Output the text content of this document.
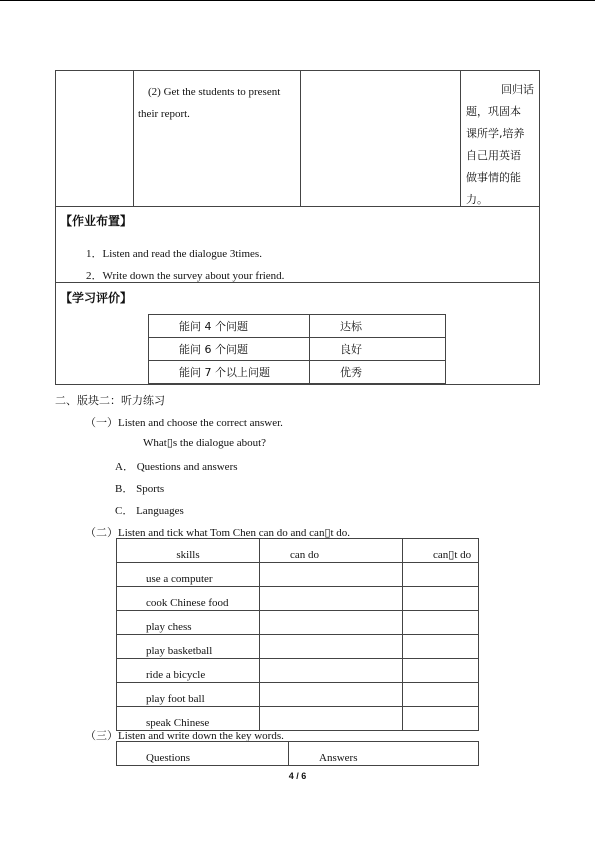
(2) Get the students to present their report.
回归话
题，巩固本
课所学,培养
自己用英语
做事情的能
力。
【作业布置】
1．Listen and read the dialogue 3times.
2．Write down the survey about your friend.
【学习评价】
能问 4 个问题	达标
能问 6 个问题	良好
能问 7 个以上问题	优秀
二、版块二：听力练习
（一）Listen and choose the correct answer.
What▯s the dialogue about?
A． Questions and answers
B． Sports
C． Languages
（二）Listen and tick what Tom Chen can do and can▯t do.
skills	can do	can▯t do
use a computer		
cook Chinese food		
play chess		
play basketball		
ride a bicycle		
play foot ball		
speak Chinese		
（三）Listen and write down the key words.
Questions	Answers
4 / 6
